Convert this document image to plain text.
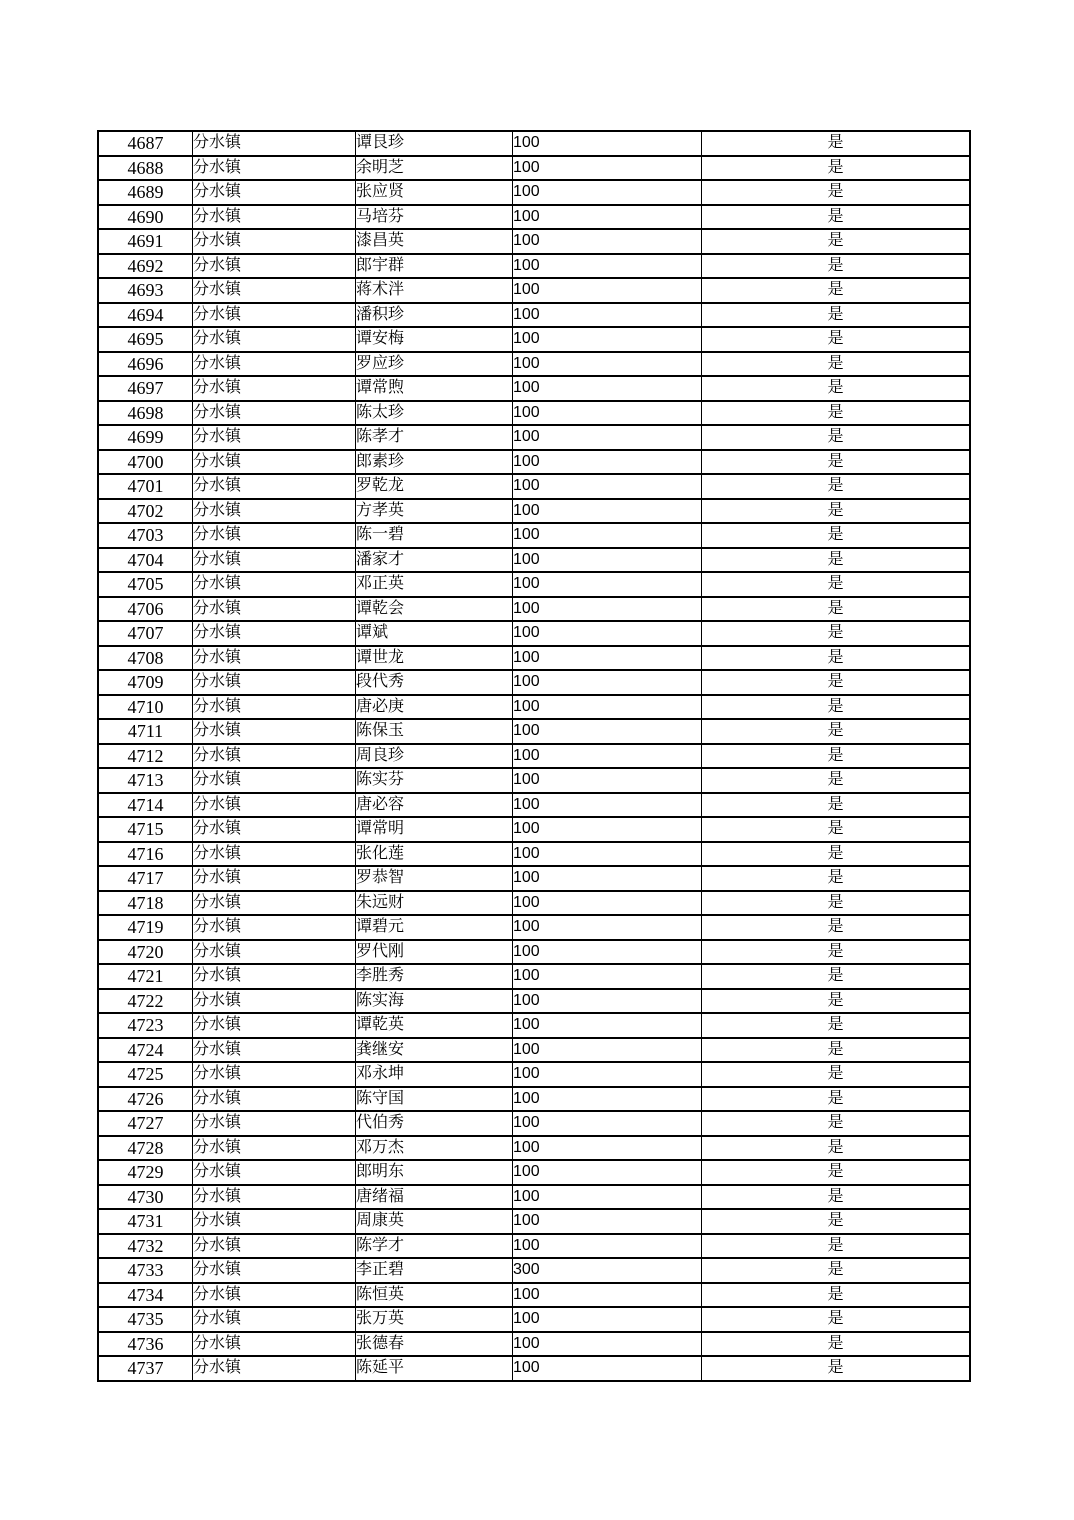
4687	分水镇	谭艮珍	100	是
4688	分水镇	余明芝	100	是
4689	分水镇	张应贤	100	是
4690	分水镇	马培芬	100	是
4691	分水镇	漆昌英	100	是
4692	分水镇	郎宇群	100	是
4693	分水镇	蒋术泮	100	是
4694	分水镇	潘积珍	100	是
4695	分水镇	谭安梅	100	是
4696	分水镇	罗应珍	100	是
4697	分水镇	谭常煦	100	是
4698	分水镇	陈太珍	100	是
4699	分水镇	陈孝才	100	是
4700	分水镇	郎素珍	100	是
4701	分水镇	罗乾龙	100	是
4702	分水镇	方孝英	100	是
4703	分水镇	陈一碧	100	是
4704	分水镇	潘家才	100	是
4705	分水镇	邓正英	100	是
4706	分水镇	谭乾会	100	是
4707	分水镇	谭斌	100	是
4708	分水镇	谭世龙	100	是
4709	分水镇	段代秀	100	是
4710	分水镇	唐必庚	100	是
4711	分水镇	陈保玉	100	是
4712	分水镇	周良珍	100	是
4713	分水镇	陈实芬	100	是
4714	分水镇	唐必容	100	是
4715	分水镇	谭常明	100	是
4716	分水镇	张化莲	100	是
4717	分水镇	罗恭智	100	是
4718	分水镇	朱远财	100	是
4719	分水镇	谭碧元	100	是
4720	分水镇	罗代刚	100	是
4721	分水镇	李胜秀	100	是
4722	分水镇	陈实海	100	是
4723	分水镇	谭乾英	100	是
4724	分水镇	龚继安	100	是
4725	分水镇	邓永坤	100	是
4726	分水镇	陈守国	100	是
4727	分水镇	代伯秀	100	是
4728	分水镇	邓万杰	100	是
4729	分水镇	郎明东	100	是
4730	分水镇	唐绪福	100	是
4731	分水镇	周康英	100	是
4732	分水镇	陈学才	100	是
4733	分水镇	李正碧	300	是
4734	分水镇	陈恒英	100	是
4735	分水镇	张万英	100	是
4736	分水镇	张德春	100	是
4737	分水镇	陈延平	100	是
